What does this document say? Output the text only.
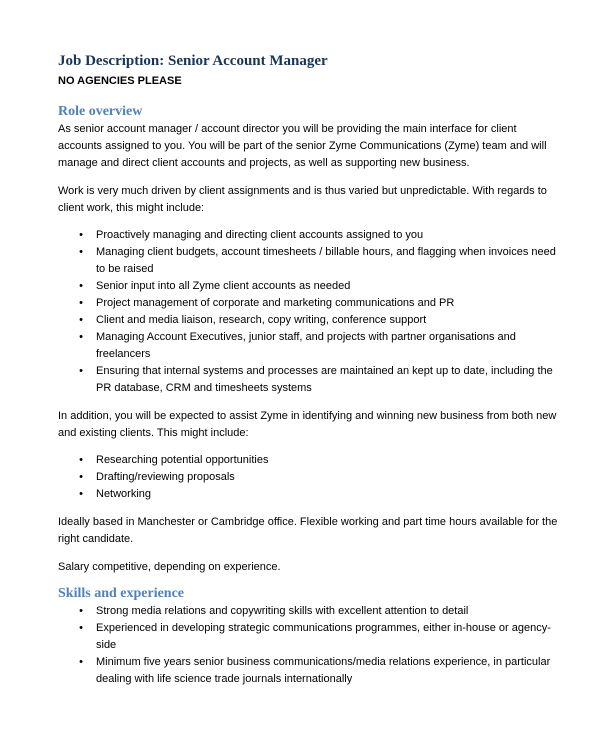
Job Description: Senior Account Manager

NO AGENCIES PLEASE

Role overview

As senior account manager / account director you will be providing the main interface for client accounts assigned to you. You will be part of the senior Zyme Communications (Zyme) team and will manage and direct client accounts and projects, as well as supporting new business.

Work is very much driven by client assignments and is thus varied but unpredictable. With regards to client work, this might include:

• Proactively managing and directing client accounts assigned to you
• Managing client budgets, account timesheets / billable hours, and flagging when invoices need to be raised
• Senior input into all Zyme client accounts as needed
• Project management of corporate and marketing communications and PR
• Client and media liaison, research, copy writing, conference support
• Managing Account Executives, junior staff, and projects with partner organisations and freelancers
• Ensuring that internal systems and processes are maintained an kept up to date, including the PR database, CRM and timesheets systems

In addition, you will be expected to assist Zyme in identifying and winning new business from both new and existing clients. This might include:

• Researching potential opportunities
• Drafting/reviewing proposals
• Networking

Ideally based in Manchester or Cambridge office. Flexible working and part time hours available for the right candidate.

Salary competitive, depending on experience.

Skills and experience
• Strong media relations and copywriting skills with excellent attention to detail
• Experienced in developing strategic communications programmes, either in-house or agency-side
• Minimum five years senior business communications/media relations experience, in particular dealing with life science trade journals internationally
